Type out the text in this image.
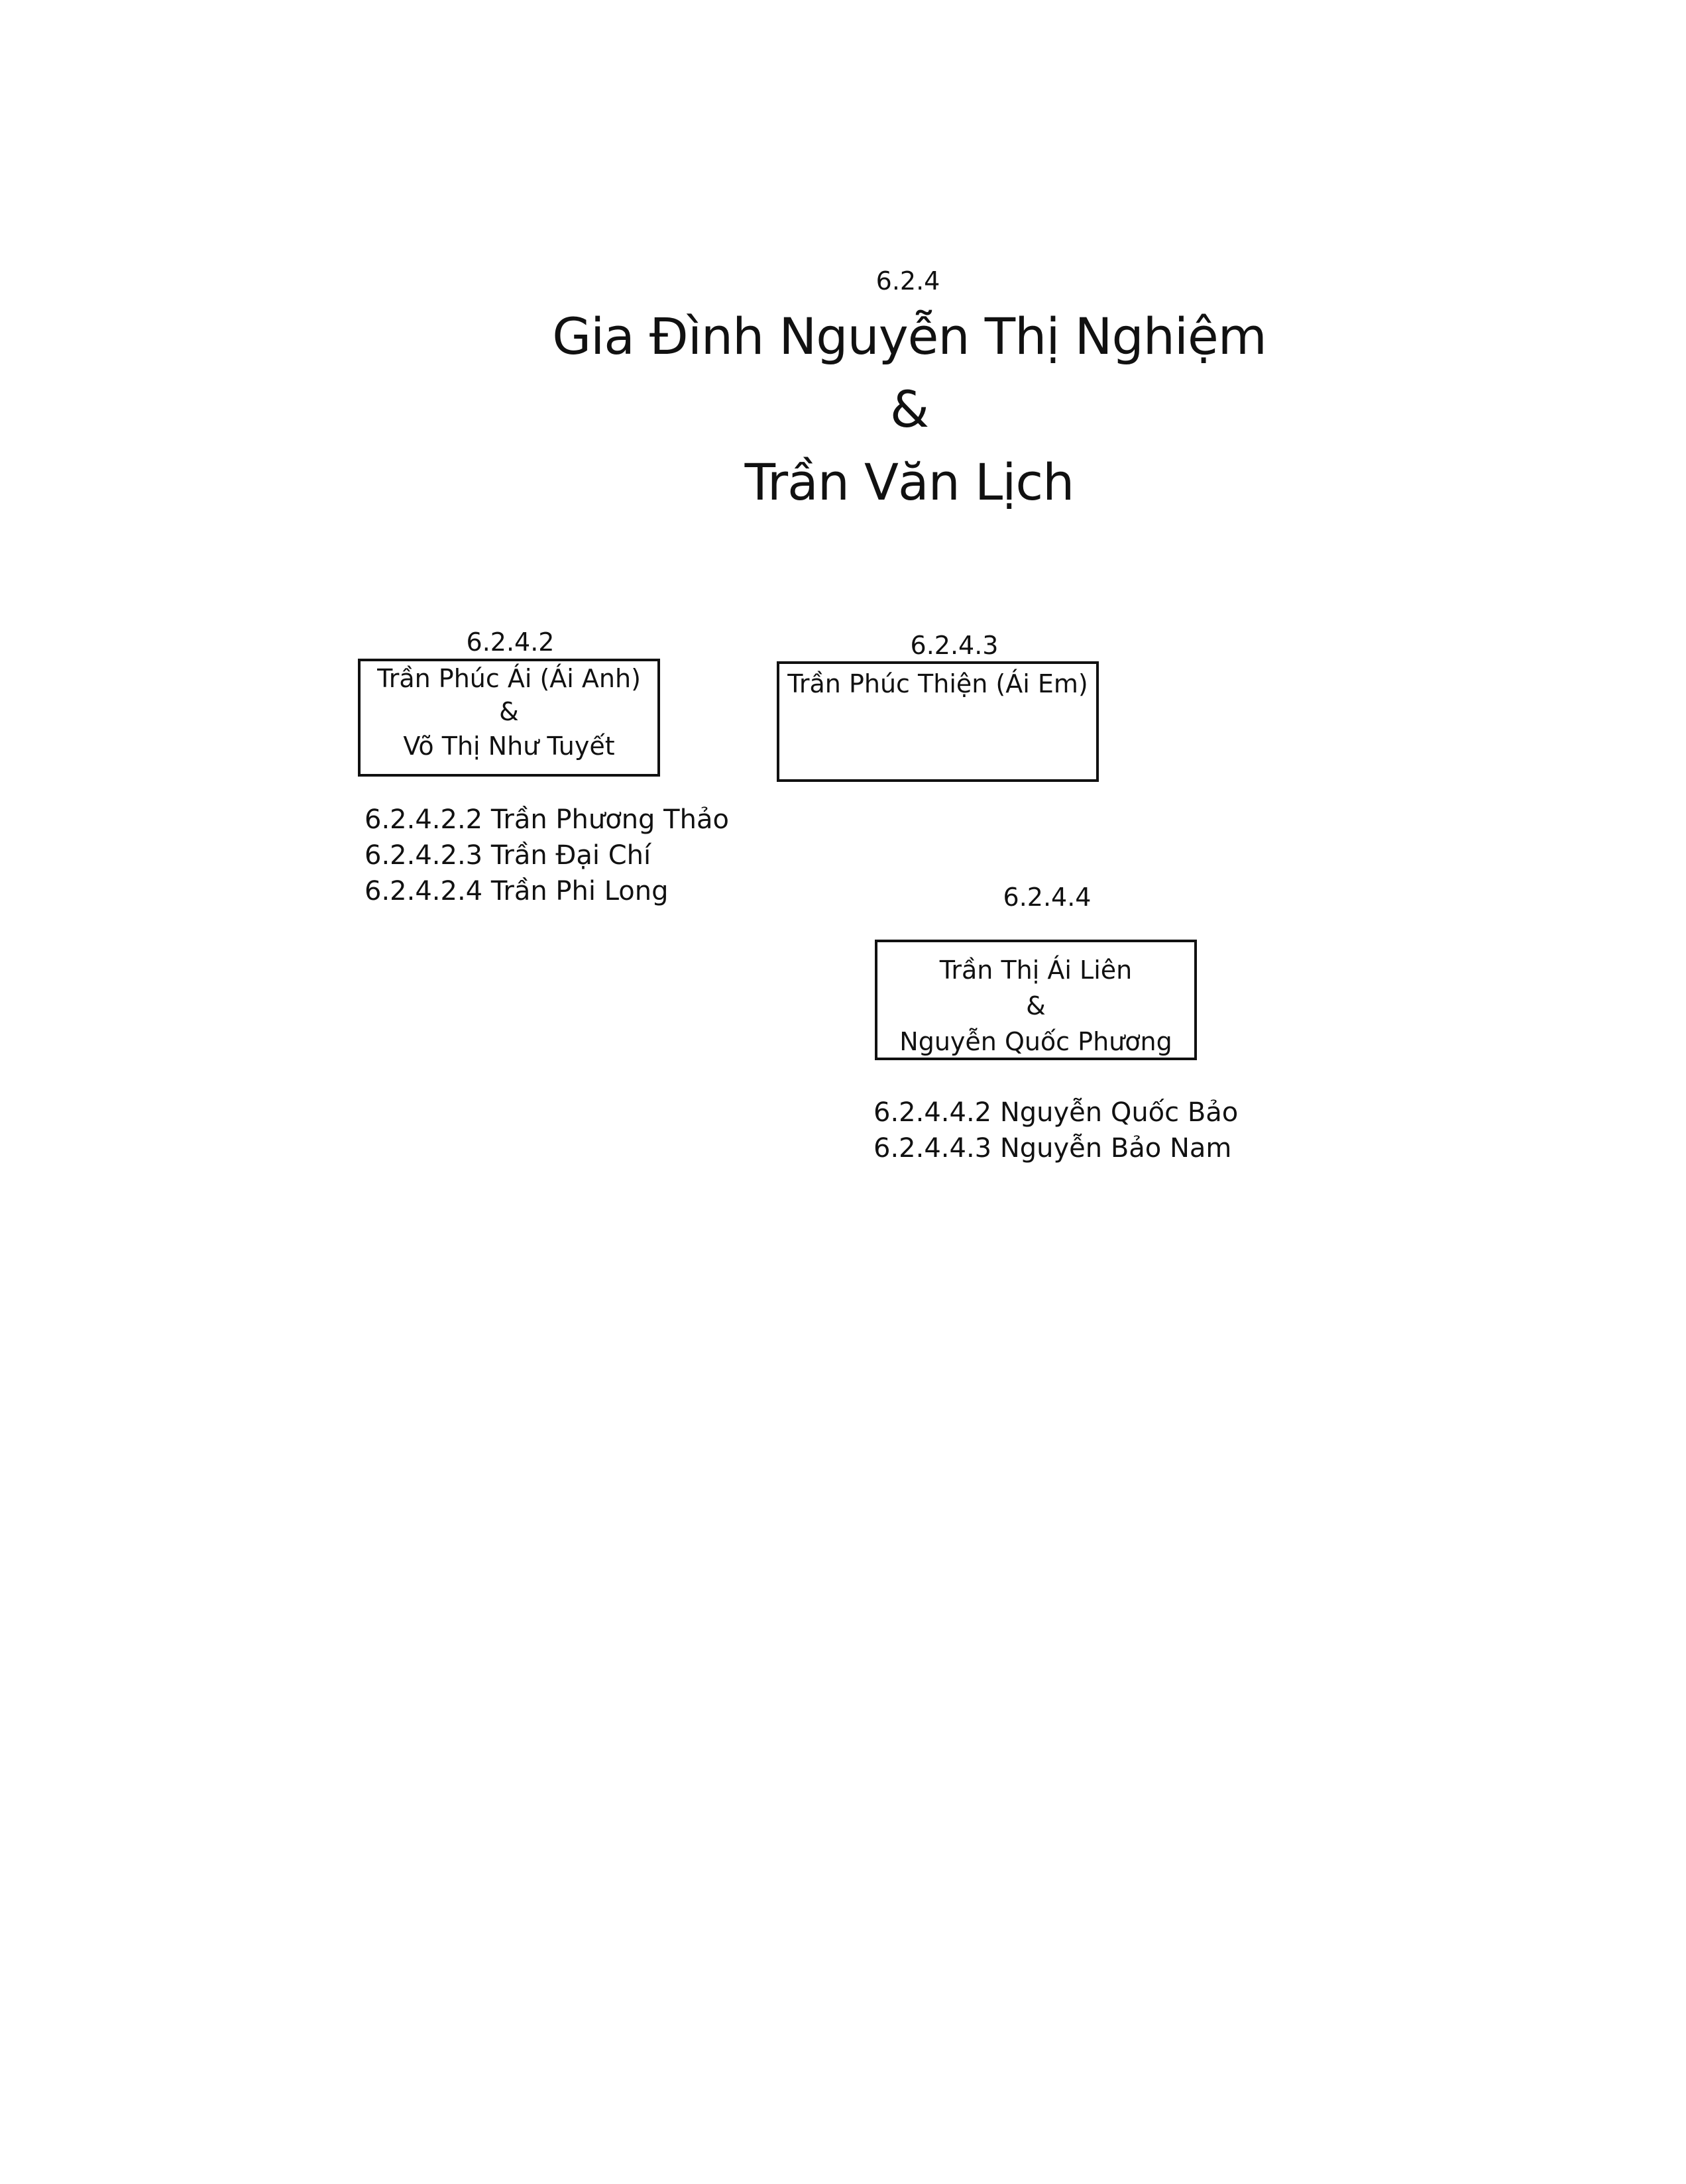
6.2.4
Gia Đình Nguyễn Thị Nghiệm
&
Trần Văn Lịch
6.2.4.2
Trần Phúc Ái (Ái Anh)
&
Võ Thị Như Tuyết
6.2.4.2.2 Trần Phương Thảo
6.2.4.2.3 Trần Đại Chí
6.2.4.2.4 Trần Phi Long
6.2.4.3
Trần Phúc Thiện (Ái Em)
6.2.4.4
Trần Thị Ái Liên
&
Nguyễn Quốc Phương
6.2.4.4.2 Nguyễn Quốc Bảo
6.2.4.4.3 Nguyễn Bảo Nam
